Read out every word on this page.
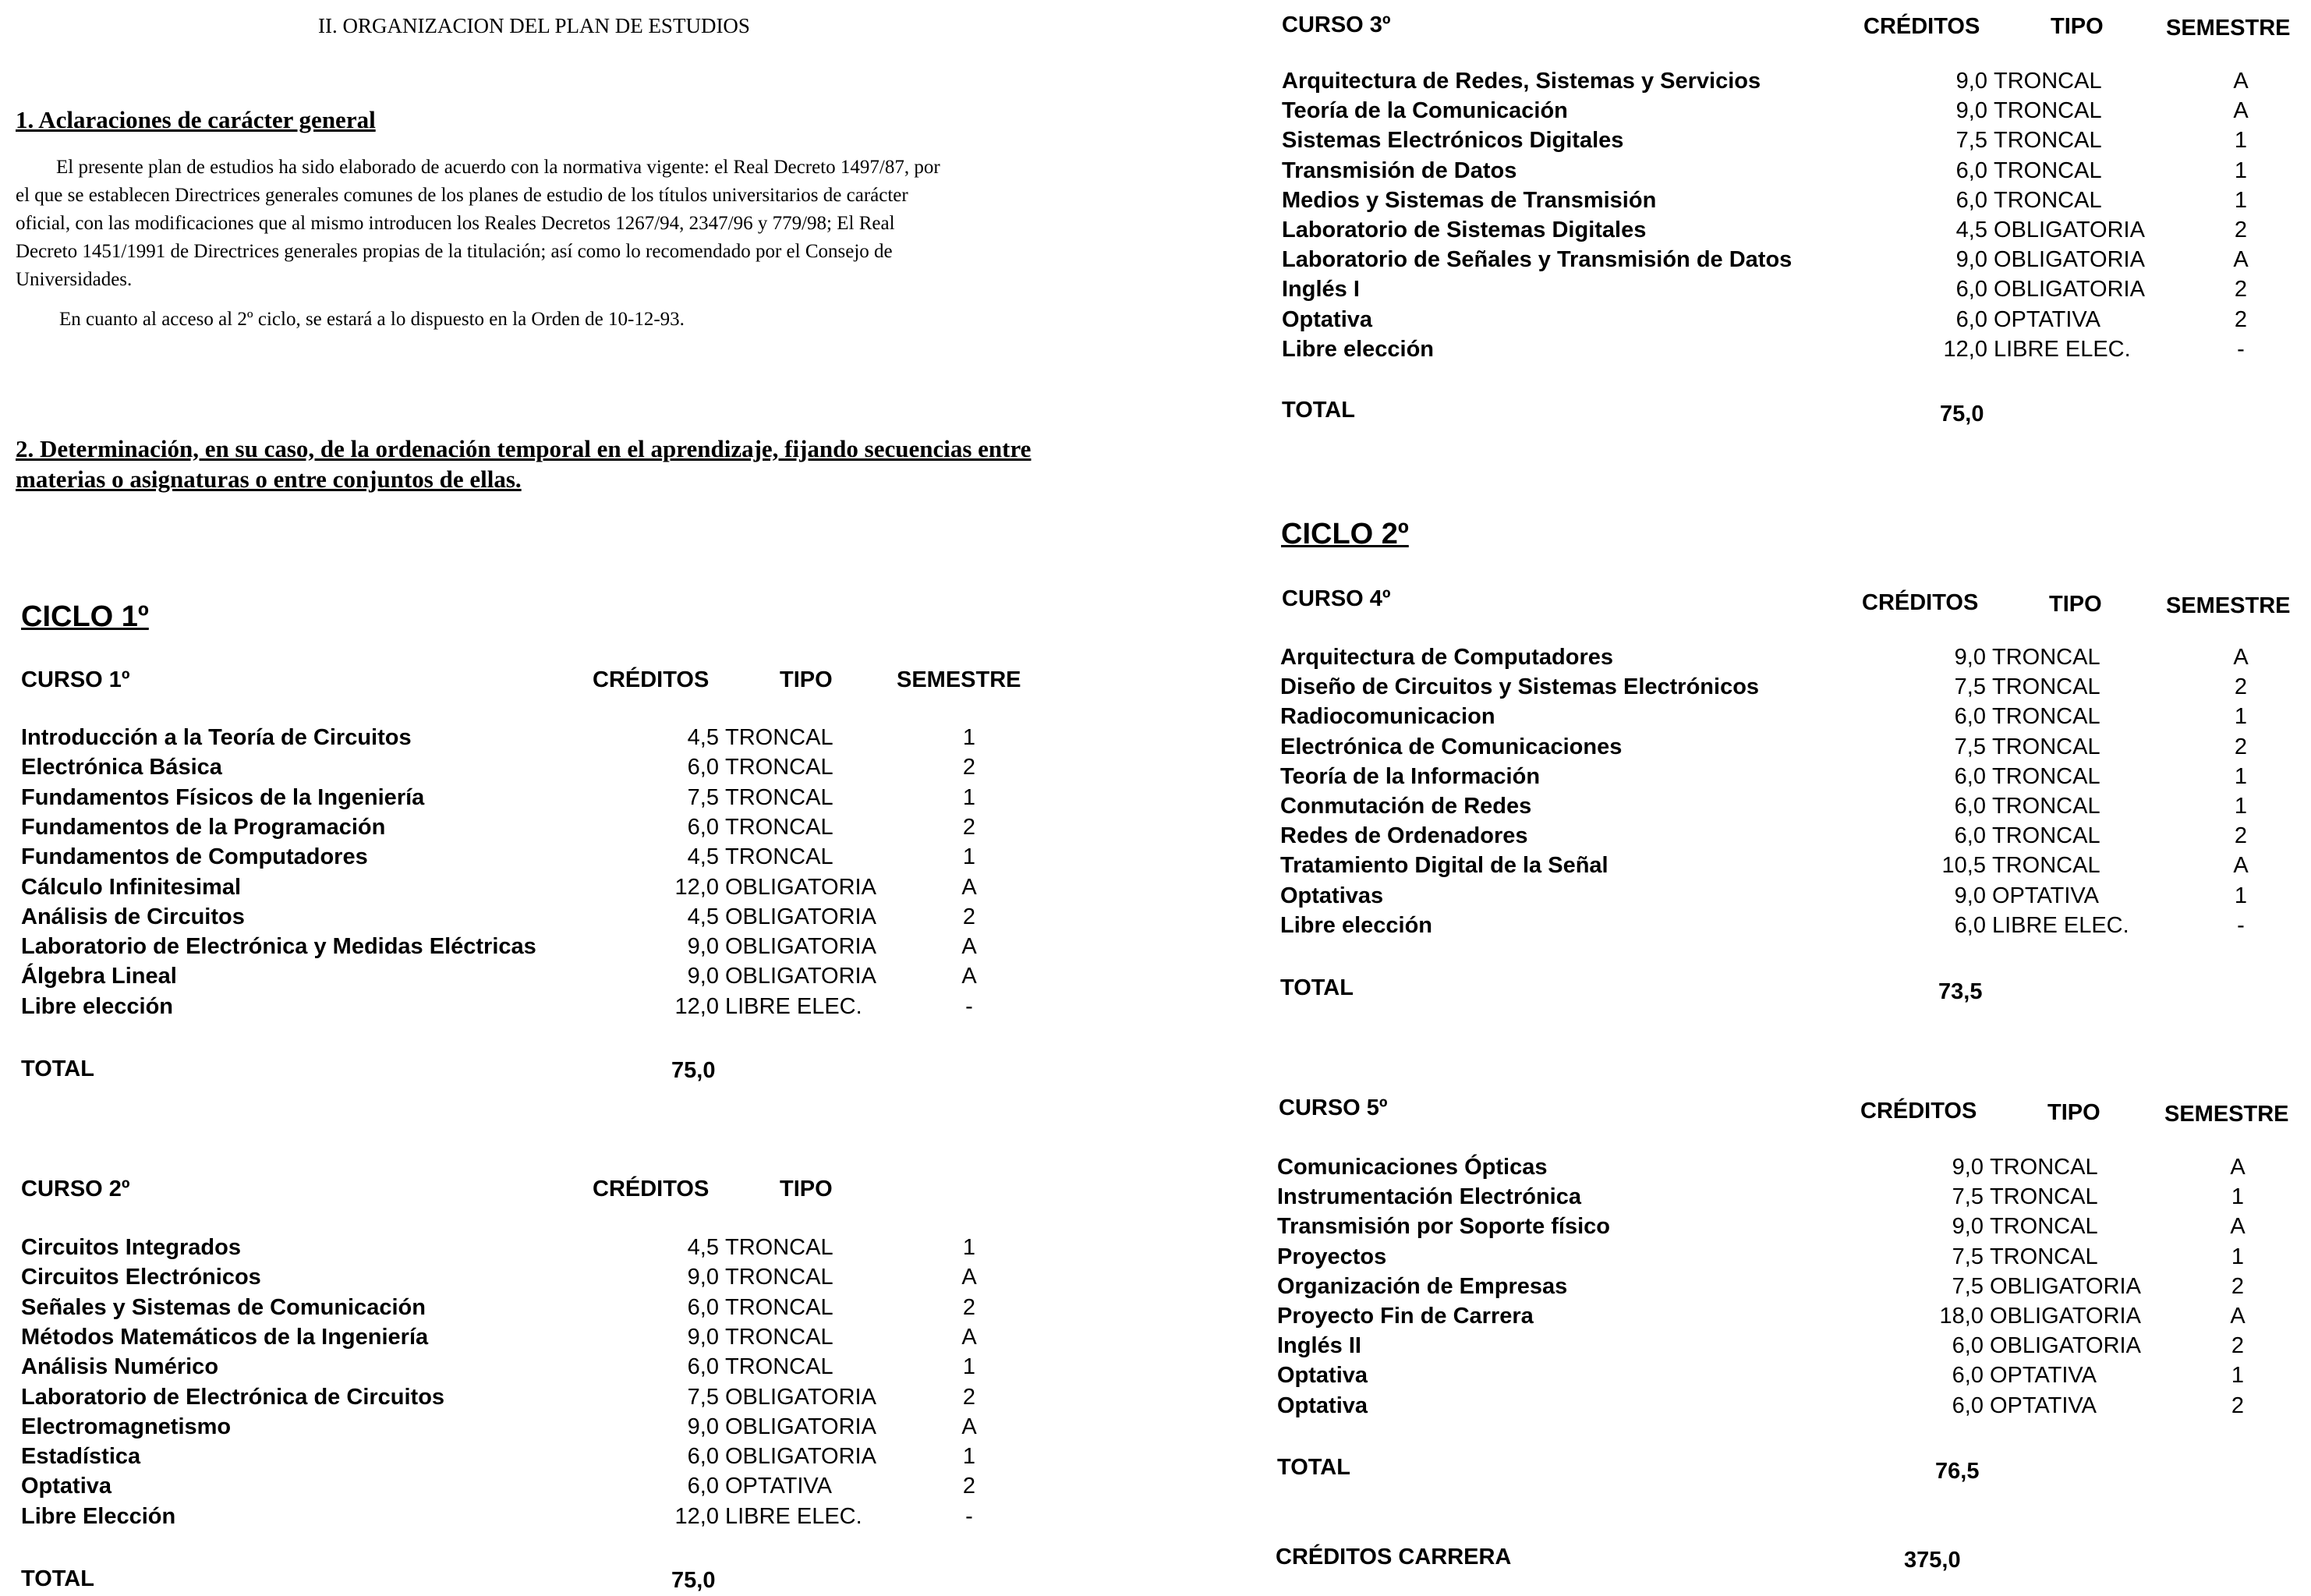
II. ORGANIZACION DEL PLAN DE ESTUDIOS
1. Aclaraciones de carácter general
El presente plan de estudios ha sido elaborado de acuerdo con la normativa vigente: el Real Decreto 1497/87, por
el que se establecen Directrices generales comunes de los planes de estudio de los títulos universitarios de carácter
oficial, con las modificaciones que al mismo introducen los Reales Decretos 1267/94, 2347/96 y 779/98; El Real
Decreto 1451/1991 de Directrices generales propias de la titulación; así como lo recomendado por el Consejo de
Universidades.
En cuanto al acceso al 2º ciclo, se estará a lo dispuesto en la Orden de 10-12-93.
2. Determinación, en su caso, de la ordenación temporal en el aprendizaje, fijando secuencias entre
materias o asignaturas o entre conjuntos de ellas.
CICLO 1º
CURSO 1º	CRÉDITOS	TIPO	SEMESTRE
Introducción a la Teoría de Circuitos	4,5 TRONCAL	1
Electrónica Básica	6,0 TRONCAL	2
Fundamentos Físicos de la Ingeniería	7,5 TRONCAL	1
Fundamentos de la Programación	6,0 TRONCAL	2
Fundamentos de Computadores	4,5 TRONCAL	1
Cálculo Infinitesimal	12,0 OBLIGATORIA	A
Análisis de Circuitos	4,5 OBLIGATORIA	2
Laboratorio de Electrónica y Medidas Eléctricas	9,0 OBLIGATORIA	A
Álgebra Lineal	9,0 OBLIGATORIA	A
Libre elección	12,0 LIBRE ELEC.	-
TOTAL	75,0
CURSO 2º	CRÉDITOS	TIPO
Circuitos Integrados	4,5 TRONCAL	1
Circuitos Electrónicos	9,0 TRONCAL	A
Señales y Sistemas de Comunicación	6,0 TRONCAL	2
Métodos Matemáticos de la Ingeniería	9,0 TRONCAL	A
Análisis Numérico	6,0 TRONCAL	1
Laboratorio de Electrónica de Circuitos	7,5 OBLIGATORIA	2
Electromagnetismo	9,0 OBLIGATORIA	A
Estadística	6,0 OBLIGATORIA	1
Optativa	6,0 OPTATIVA	2
Libre Elección	12,0 LIBRE ELEC.	-
TOTAL	75,0
CURSO 3º	CRÉDITOS	TIPO	SEMESTRE
Arquitectura de Redes, Sistemas y Servicios	9,0 TRONCAL	A
Teoría de la Comunicación	9,0 TRONCAL	A
Sistemas Electrónicos Digitales	7,5 TRONCAL	1
Transmisión de Datos	6,0 TRONCAL	1
Medios y Sistemas de Transmisión	6,0 TRONCAL	1
Laboratorio de Sistemas Digitales	4,5 OBLIGATORIA	2
Laboratorio de Señales y Transmisión de Datos	9,0 OBLIGATORIA	A
Inglés I	6,0 OBLIGATORIA	2
Optativa	6,0 OPTATIVA	2
Libre elección	12,0 LIBRE ELEC.	-
TOTAL	75,0
CICLO 2º
CURSO 4º	CRÉDITOS	TIPO	SEMESTRE
Arquitectura de Computadores	9,0 TRONCAL	A
Diseño de Circuitos y Sistemas Electrónicos	7,5 TRONCAL	2
Radiocomunicacion	6,0 TRONCAL	1
Electrónica de Comunicaciones	7,5 TRONCAL	2
Teoría de la Información	6,0 TRONCAL	1
Conmutación de Redes	6,0 TRONCAL	1
Redes de Ordenadores	6,0 TRONCAL	2
Tratamiento Digital de la Señal	10,5 TRONCAL	A
Optativas	9,0 OPTATIVA	1
Libre elección	6,0 LIBRE ELEC.	-
TOTAL	73,5
CURSO 5º	CRÉDITOS	TIPO	SEMESTRE
Comunicaciones Ópticas	9,0 TRONCAL	A
Instrumentación Electrónica	7,5 TRONCAL	1
Transmisión por Soporte físico	9,0 TRONCAL	A
Proyectos	7,5 TRONCAL	1
Organización de Empresas	7,5 OBLIGATORIA	2
Proyecto Fin de Carrera	18,0 OBLIGATORIA	A
Inglés II	6,0 OBLIGATORIA	2
Optativa	6,0 OPTATIVA	1
Optativa	6,0 OPTATIVA	2
TOTAL	76,5
CRÉDITOS CARRERA	375,0
